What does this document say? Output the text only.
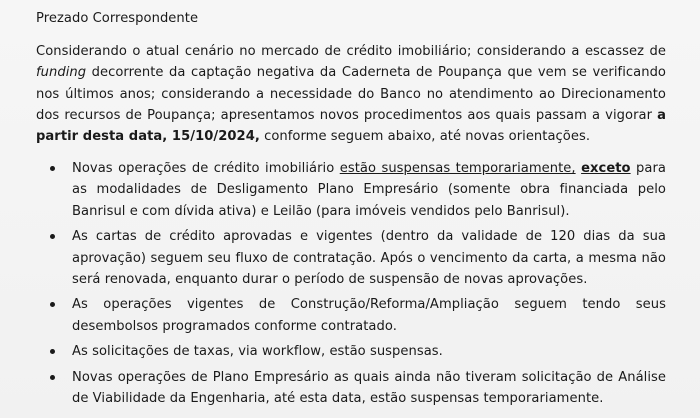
Prezado Correspondente

Considerando o atual cenário no mercado de crédito imobiliário; considerando a escassez de funding decorrente da captação negativa da Caderneta de Poupança que vem se verificando nos últimos anos; considerando a necessidade do Banco no atendimento ao Direcionamento dos recursos de Poupança; apresentamos novos procedimentos aos quais passam a vigorar a partir desta data, 15/10/2024, conforme seguem abaixo, até novas orientações.

Novas operações de crédito imobiliário estão suspensas temporariamente, exceto para as modalidades de Desligamento Plano Empresário (somente obra financiada pelo Banrisul e com dívida ativa) e Leilão (para imóveis vendidos pelo Banrisul).
As cartas de crédito aprovadas e vigentes (dentro da validade de 120 dias da sua aprovação) seguem seu fluxo de contratação. Após o vencimento da carta, a mesma não será renovada, enquanto durar o período de suspensão de novas aprovações.
As operações vigentes de Construção/Reforma/Ampliação seguem tendo seus desembolsos programados conforme contratado.
As solicitações de taxas, via workflow, estão suspensas.
Novas operações de Plano Empresário as quais ainda não tiveram solicitação de Análise de Viabilidade da Engenharia, até esta data, estão suspensas temporariamente.
